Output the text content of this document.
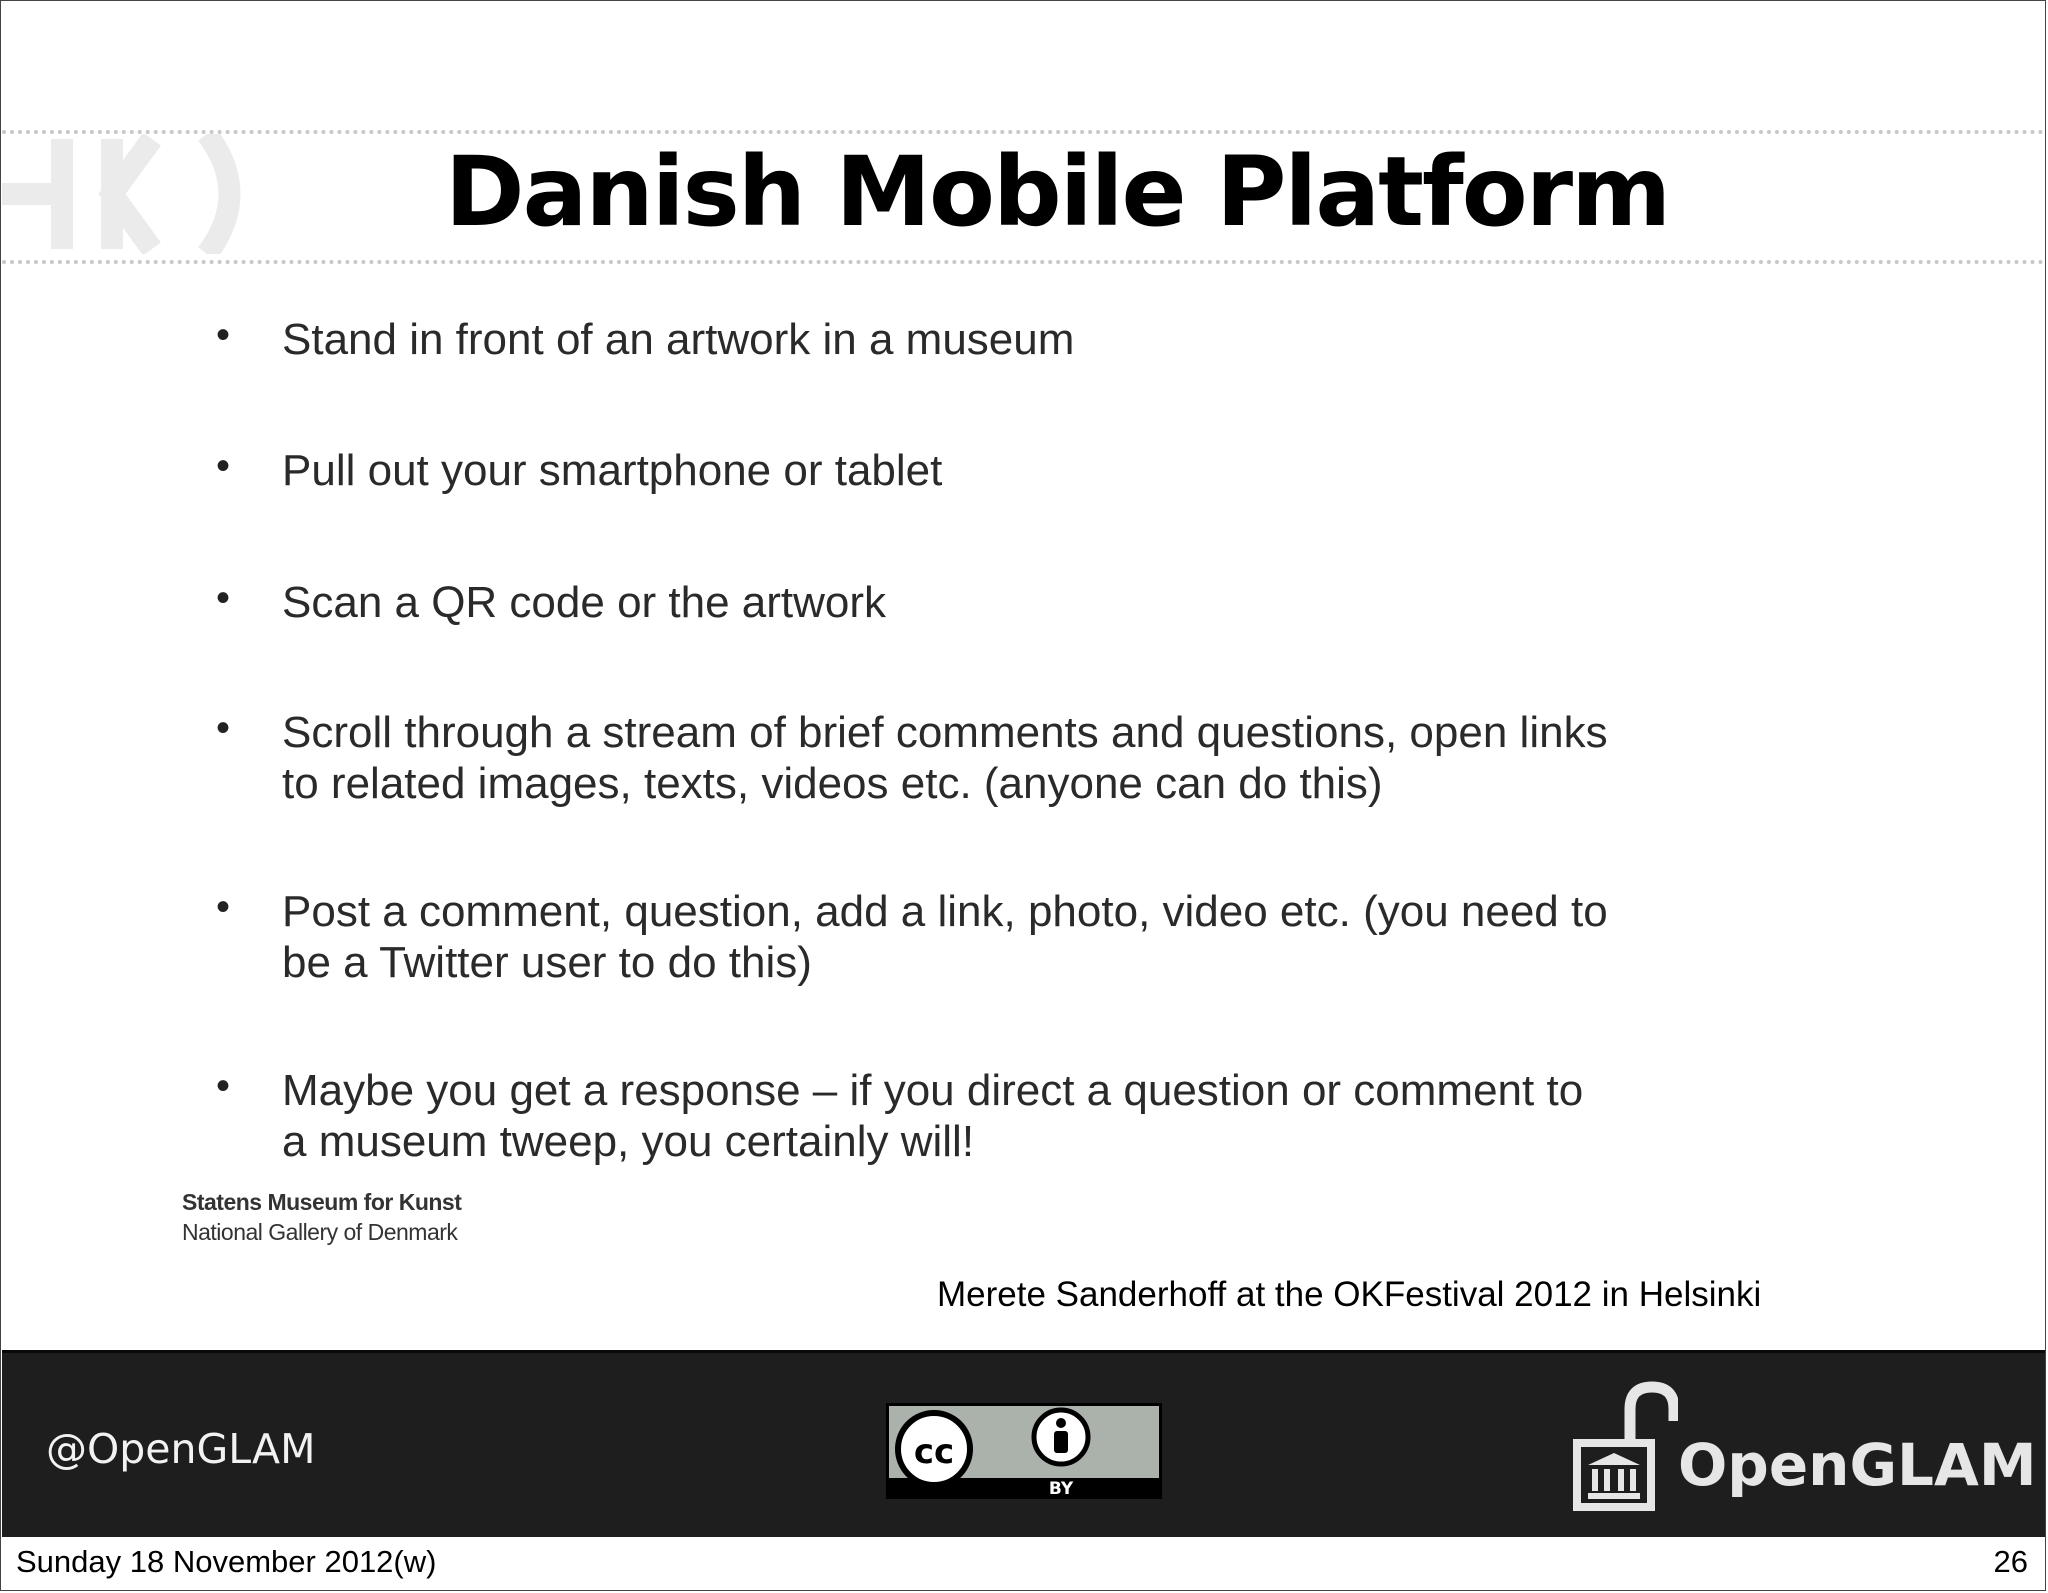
Danish Mobile Platform
• Stand in front of an artwork in a museum
• Pull out your smartphone or tablet
• Scan a QR code or the artwork
• Scroll through a stream of brief comments and questions, open links
to related images, texts, videos etc. (anyone can do this)
• Post a comment, question, add a link, photo, video etc. (you need to
be a Twitter user to do this)
• Maybe you get a response – if you direct a question or comment to
a museum tweep, you certainly will!
Statens Museum for Kunst
National Gallery of Denmark
Merete Sanderhoff at the OKFestival 2012 in Helsinki
@OpenGLAM	cc
BY	OpenGLAM
Sunday 18 November 2012(w)	26
